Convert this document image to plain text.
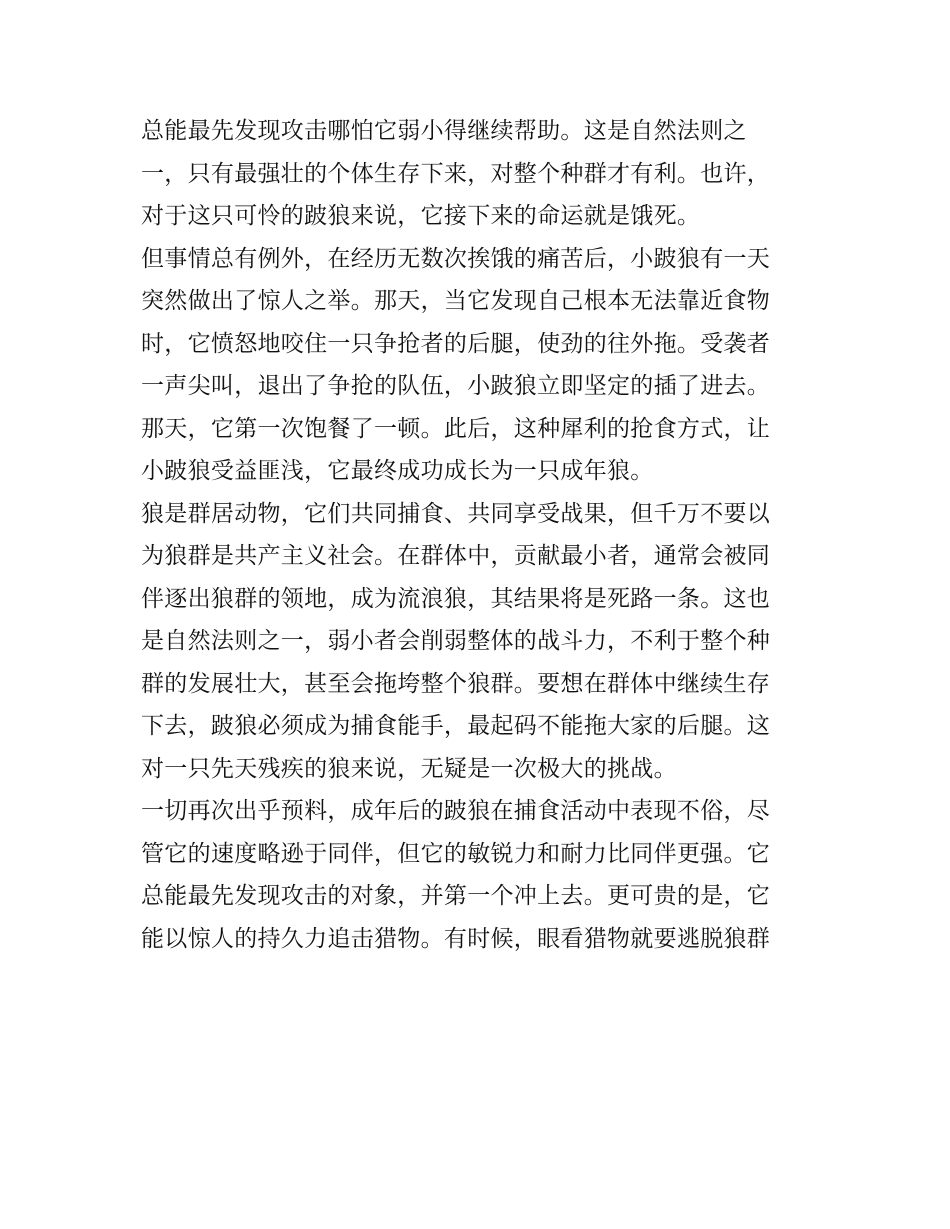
总能最先发现攻击哪怕它弱小得继续帮助。这是自然法则之
一，只有最强壮的个体生存下来，对整个种群才有利。也许，
对于这只可怜的跛狼来说，它接下来的命运就是饿死。
但事情总有例外，在经历无数次挨饿的痛苦后，小跛狼有一天
突然做出了惊人之举。那天，当它发现自己根本无法靠近食物
时，它愤怒地咬住一只争抢者的后腿，使劲的往外拖。受袭者
一声尖叫，退出了争抢的队伍，小跛狼立即坚定的插了进去。
那天，它第一次饱餐了一顿。此后，这种犀利的抢食方式，让
小跛狼受益匪浅，它最终成功成长为一只成年狼。
狼是群居动物，它们共同捕食、共同享受战果，但千万不要以
为狼群是共产主义社会。在群体中，贡献最小者，通常会被同
伴逐出狼群的领地，成为流浪狼，其结果将是死路一条。这也
是自然法则之一，弱小者会削弱整体的战斗力，不利于整个种
群的发展壮大，甚至会拖垮整个狼群。要想在群体中继续生存
下去，跛狼必须成为捕食能手，最起码不能拖大家的后腿。这
对一只先天残疾的狼来说，无疑是一次极大的挑战。
一切再次出乎预料，成年后的跛狼在捕食活动中表现不俗，尽
管它的速度略逊于同伴，但它的敏锐力和耐力比同伴更强。它
总能最先发现攻击的对象，并第一个冲上去。更可贵的是，它
能以惊人的持久力追击猎物。有时候，眼看猎物就要逃脱狼群
